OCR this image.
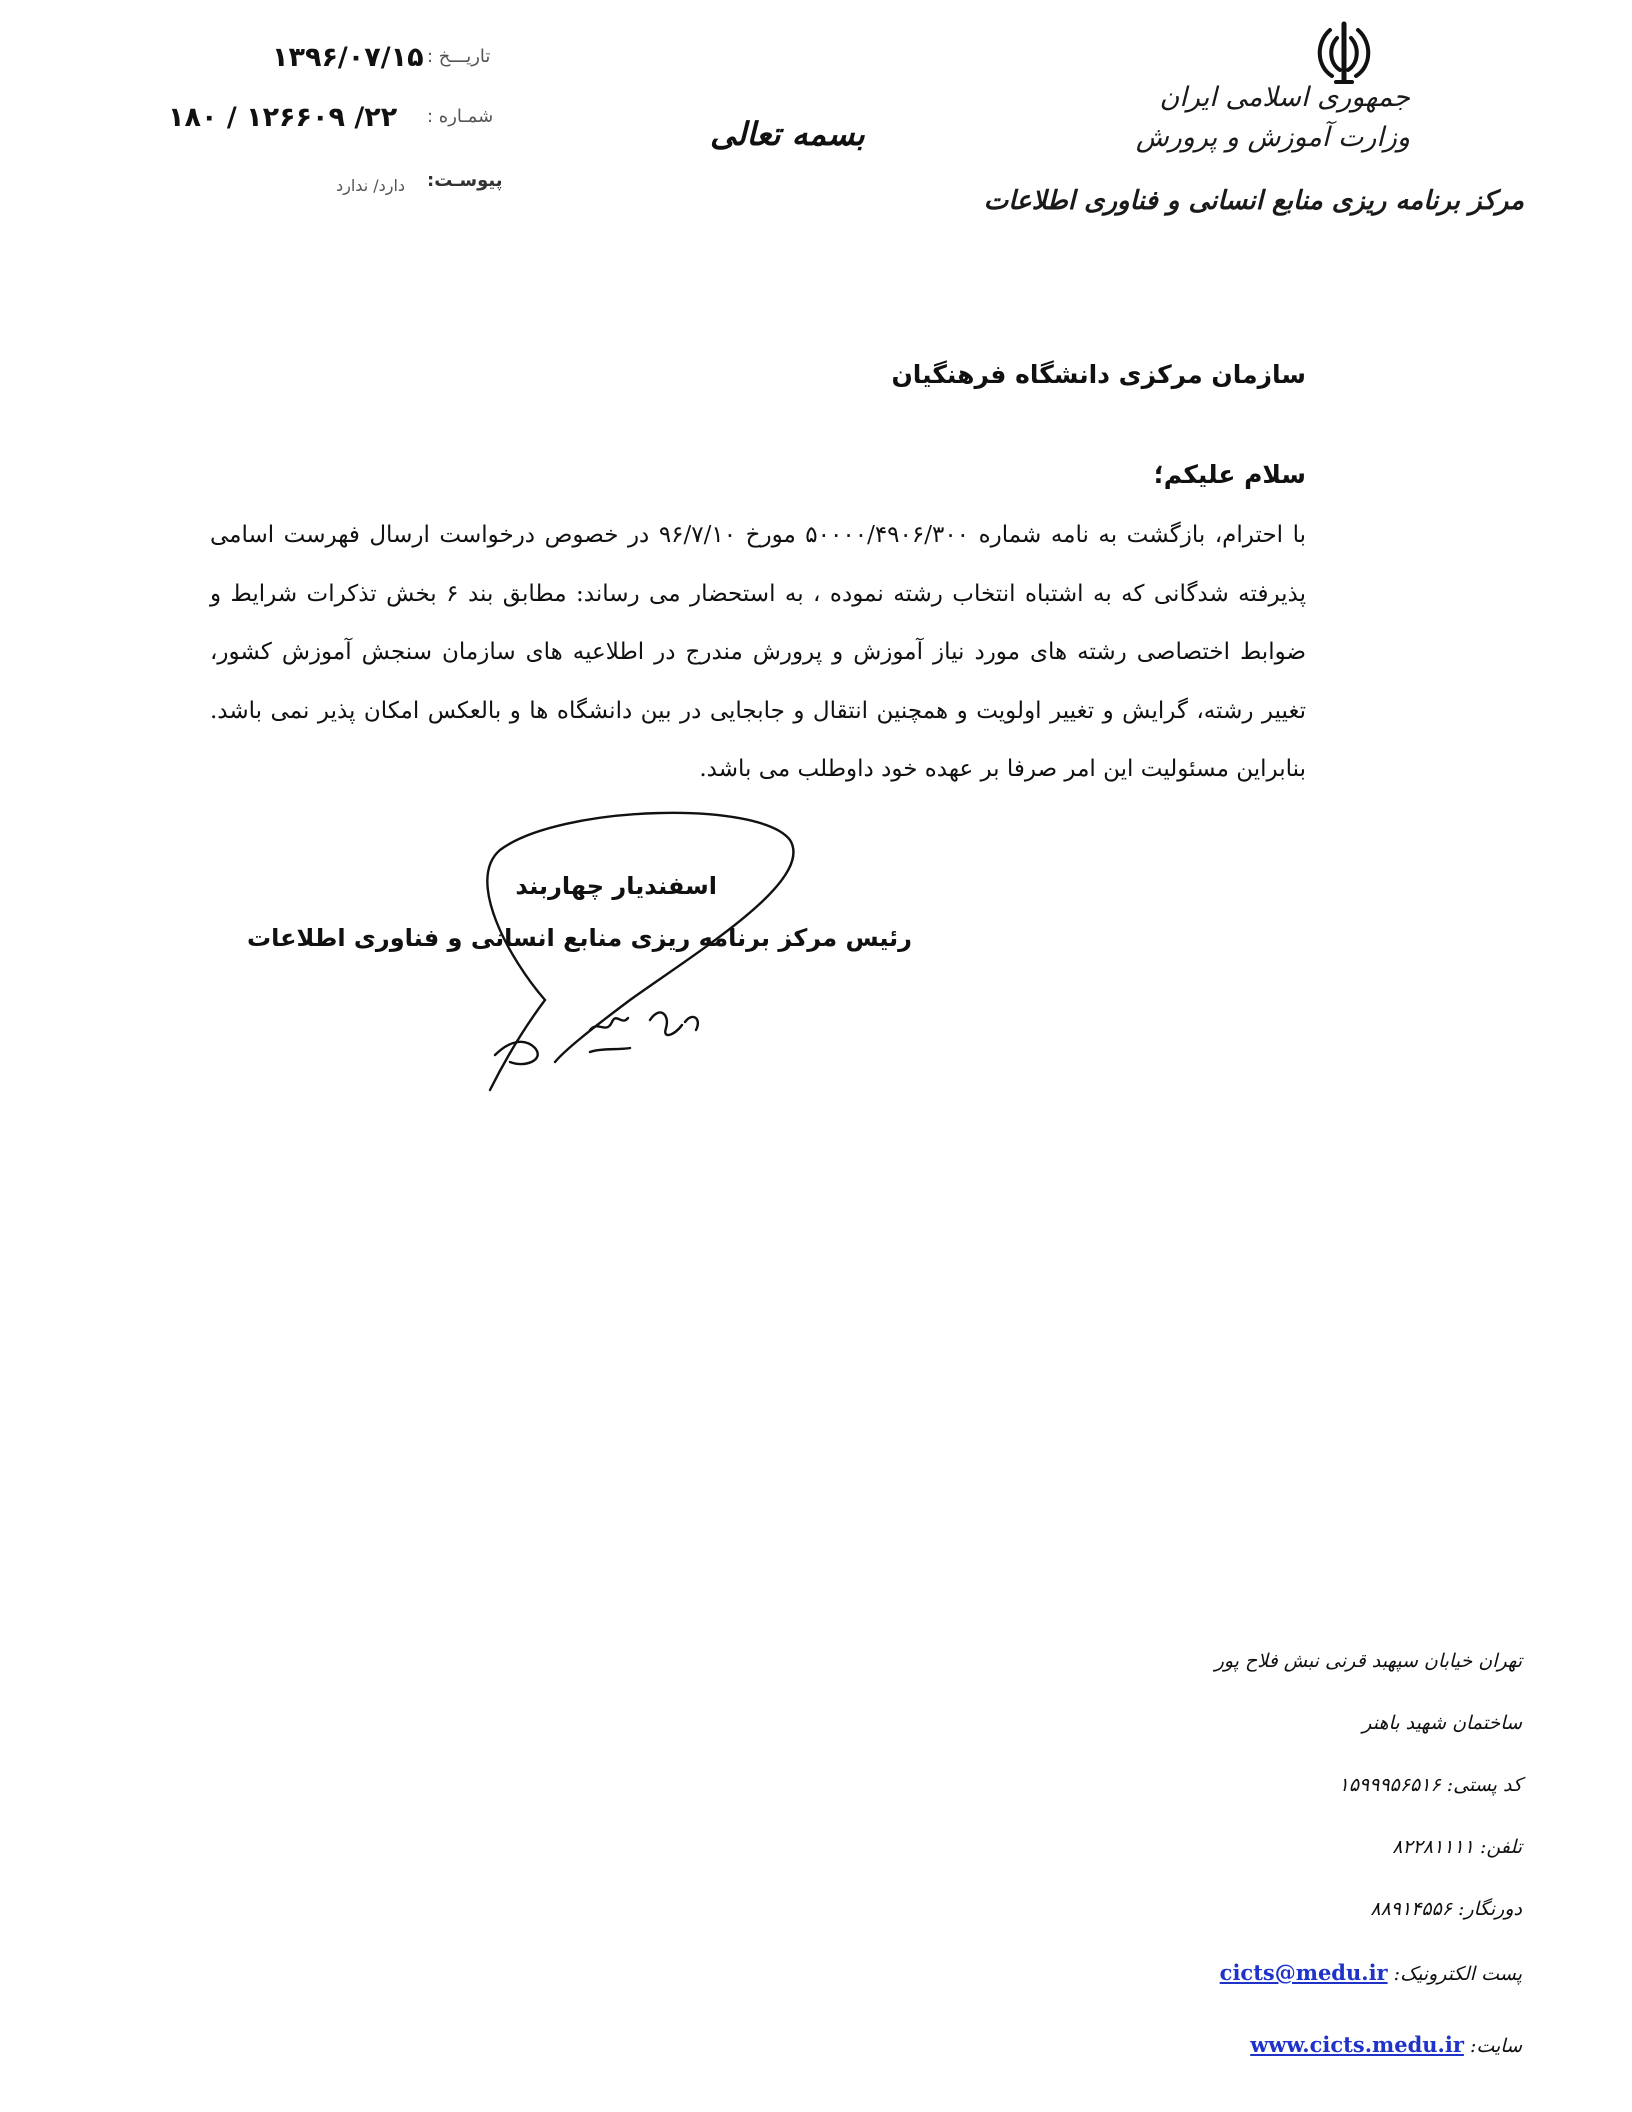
جمهوری اسلامی ایران
وزارت آموزش و پرورش
مرکز برنامه ریزی منابع انسانی و فناوری اطلاعات
بسمه تعالی
تاریـــخ :
۱۳۹۶/۰۷/۱۵
شمـاره :
۱۸۰ / ۱۲۶۶۰۹ /۲۲
پیوسـت:
دارد/ ندارد
سازمان مرکزی دانشگاه فرهنگیان
سلام علیکم؛
با احترام، بازگشت به نامه شماره ۵۰۰۰۰/۴۹۰۶/۳۰۰ مورخ ۹۶/۷/۱۰ در خصوص درخواست ارسال فهرست اسامی پذیرفته شدگانی که به اشتباه انتخاب رشته نموده ، به استحضار می رساند: مطابق بند ۶ بخش تذکرات شرایط و ضوابط اختصاصی رشته های مورد نیاز آموزش و پرورش مندرج در اطلاعیه های سازمان سنجش آموزش کشور، تغییر رشته، گرایش و تغییر اولویت و همچنین انتقال و جابجایی در بین دانشگاه ها و بالعکس امکان پذیر نمی باشد. بنابراین مسئولیت این امر صرفا بر عهده خود داوطلب می باشد.
اسفندیار چهاربند
رئیس مرکز برنامه ریزی منابع انسانی و فناوری اطلاعات
تهران خیابان سپهبد قرنی نبش فلاح پور
ساختمان شهید باهنر
کد پستی: ۱۵۹۹۹۵۶۵۱۶
تلفن: ۸۲۲۸۱۱۱۱
دورنگار: ۸۸۹۱۴۵۵۶
پست الکترونیک: cicts@medu.ir
سایت: www.cicts.medu.ir
